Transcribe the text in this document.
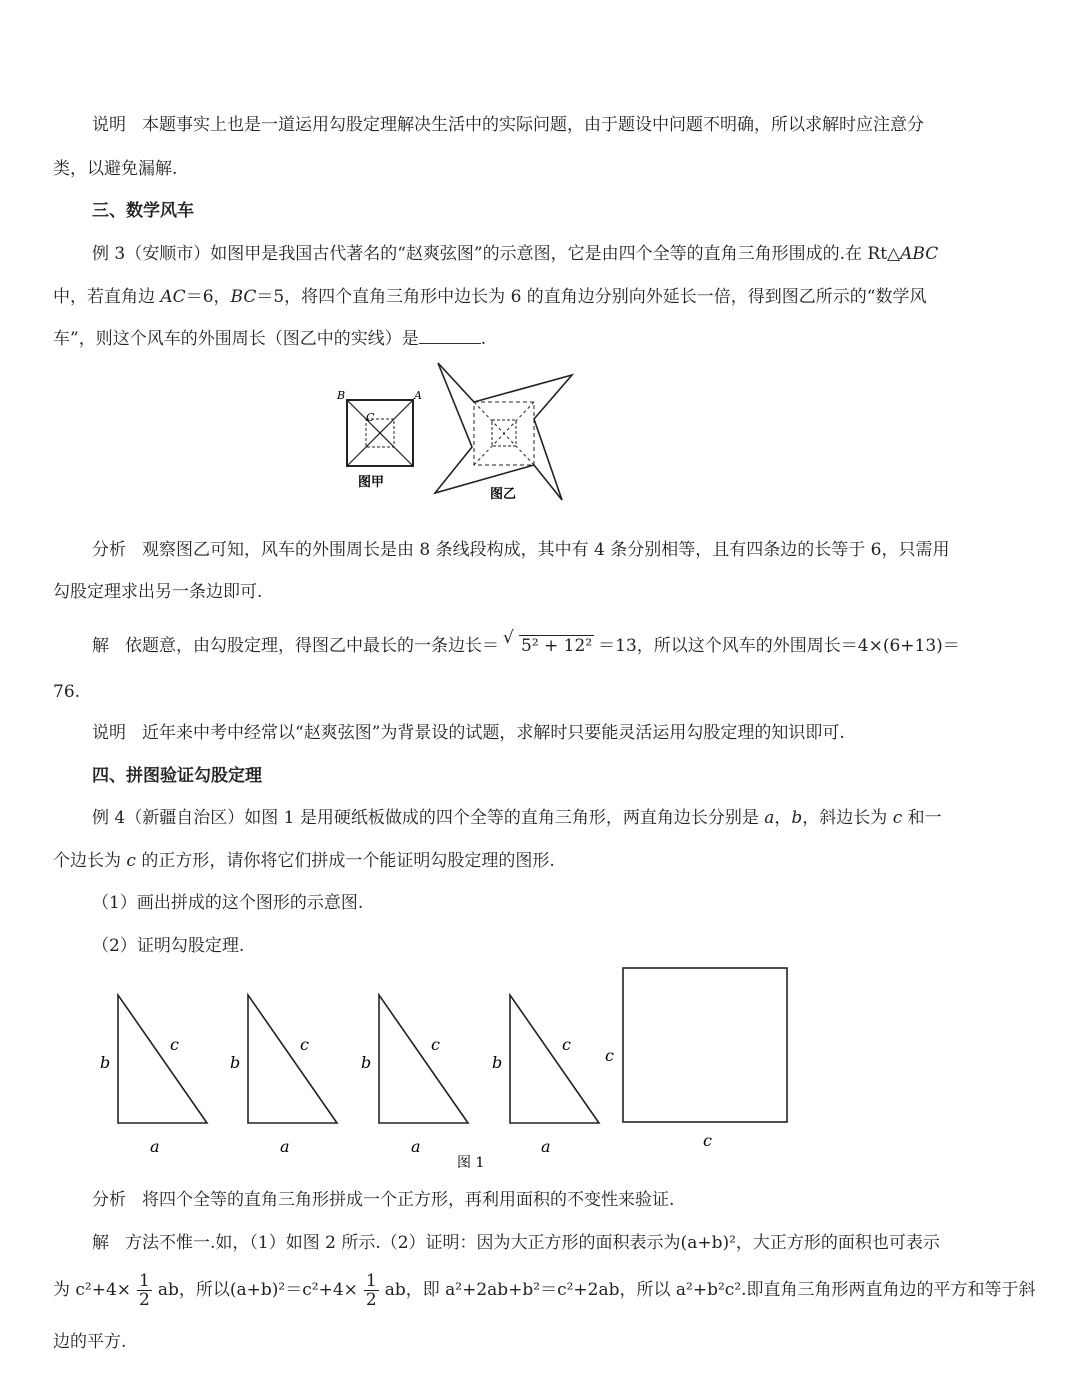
说明 本题事实上也是一道运用勾股定理解决生活中的实际问题，由于题设中问题不明确，所以求解时应注意分
类，以避免漏解.
三、数学风车
例 3（安顺市）如图甲是我国古代著名的“赵爽弦图”的示意图，它是由四个全等的直角三角形围成的.在 Rt△ABC
中，若直角边 AC＝6，BC＝5，将四个直角三角形中边长为 6 的直角边分别向外延长一倍，得到图乙所示的“数学风
车”，则这个风车的外围周长（图乙中的实线）是	.
B	A
C
图甲
图乙
分析 观察图乙可知，风车的外围周长是由 8 条线段构成，其中有 4 条分别相等，且有四条边的长等于 6，只需用
勾股定理求出另一条边即可.
解 依题意，由勾股定理，得图乙中最长的一条边长＝ √ 5² + 12² ＝13，所以这个风车的外围周长＝4×(6+13)＝
76.
说明 近年来中考中经常以“赵爽弦图”为背景设的试题，求解时只要能灵活运用勾股定理的知识即可.
四、拼图验证勾股定理
例 4（新疆自治区）如图 1 是用硬纸板做成的四个全等的直角三角形，两直角边长分别是 a，b，斜边长为 c 和一
个边长为 c 的正方形，请你将它们拼成一个能证明勾股定理的图形.
（1）画出拼成的这个图形的示意图.
（2）证明勾股定理.
b
c
a
b
c
a
b
c
a
b
c
a
c
c
图 1
分析 将四个全等的直角三角形拼成一个正方形，再利用面积的不变性来验证.
解 方法不惟一.如，（1）如图 2 所示.（2）证明：因为大正方形的面积表示为(a+b)²，大正方形的面积也可表示
为 $c^2+4\times \frac{1}{2}$ ab，所以$(a+b)^2=c^2+4\times \frac{1}{2}$ ab，即 a²+2ab+b²＝c²+2ab，所以 a²+b²c².即直角三角形两直角边的平方和等于斜
边的平方.
